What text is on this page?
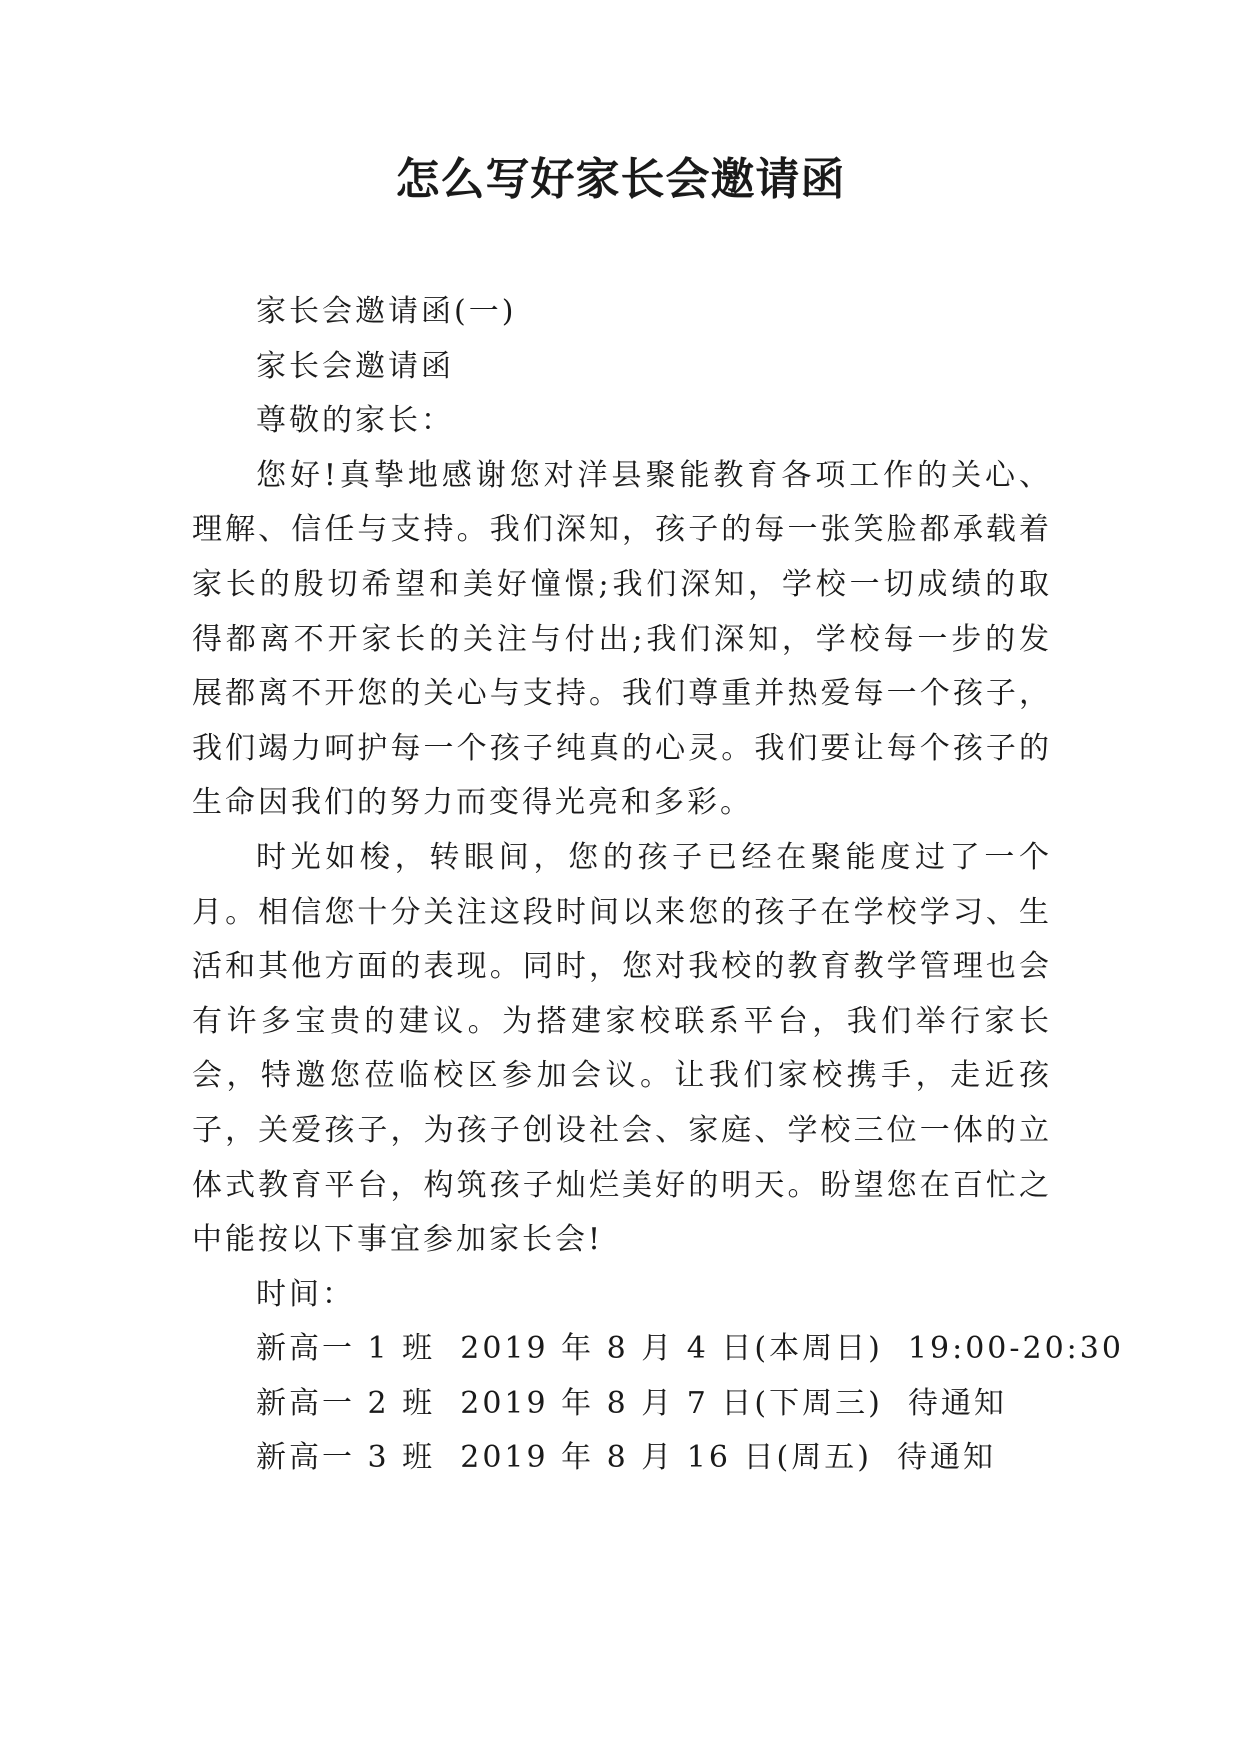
怎么写好家长会邀请函

家长会邀请函(一)

家长会邀请函

尊敬的家长：

您好!真挚地感谢您对洋县聚能教育各项工作的关心、理解、信任与支持。我们深知，孩子的每一张笑脸都承载着家长的殷切希望和美好憧憬;我们深知，学校一切成绩的取得都离不开家长的关注与付出;我们深知，学校每一步的发展都离不开您的关心与支持。我们尊重并热爱每一个孩子，我们竭力呵护每一个孩子纯真的心灵。我们要让每个孩子的生命因我们的努力而变得光亮和多彩。

时光如梭，转眼间，您的孩子已经在聚能度过了一个月。相信您十分关注这段时间以来您的孩子在学校学习、生活和其他方面的表现。同时，您对我校的教育教学管理也会有许多宝贵的建议。为搭建家校联系平台，我们举行家长会，特邀您莅临校区参加会议。让我们家校携手，走近孩子，关爱孩子，为孩子创设社会、家庭、学校三位一体的立体式教育平台，构筑孩子灿烂美好的明天。盼望您在百忙之中能按以下事宜参加家长会!

时间：

新高一 1 班  2019 年 8 月 4 日(本周日)  19:00-20:30

新高一 2 班  2019 年 8 月 7 日(下周三)  待通知

新高一 3 班  2019 年 8 月 16 日(周五)  待通知
